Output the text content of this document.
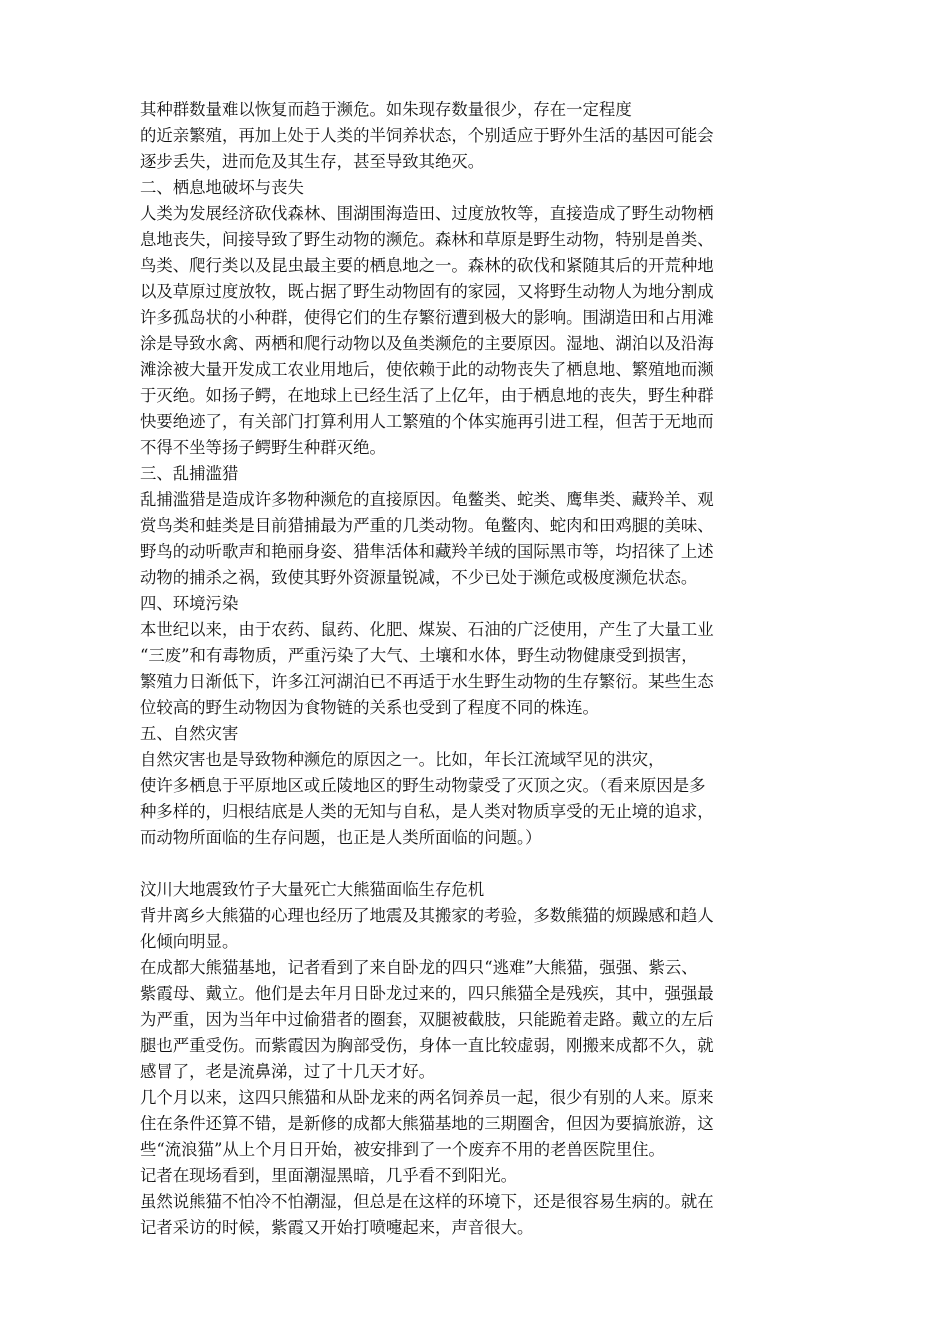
其种群数量难以恢复而趋于濒危。如朱现存数量很少，存在一定程度
的近亲繁殖，再加上处于人类的半饲养状态，个别适应于野外生活的基因可能会
逐步丢失，进而危及其生存，甚至导致其绝灭。
二、栖息地破坏与丧失
人类为发展经济砍伐森林、围湖围海造田、过度放牧等，直接造成了野生动物栖
息地丧失，间接导致了野生动物的濒危。森林和草原是野生动物，特别是兽类、
鸟类、爬行类以及昆虫最主要的栖息地之一。森林的砍伐和紧随其后的开荒种地
以及草原过度放牧，既占据了野生动物固有的家园，又将野生动物人为地分割成
许多孤岛状的小种群，使得它们的生存繁衍遭到极大的影响。围湖造田和占用滩
涂是导致水禽、两栖和爬行动物以及鱼类濒危的主要原因。湿地、湖泊以及沿海
滩涂被大量开发成工农业用地后，使依赖于此的动物丧失了栖息地、繁殖地而濒
于灭绝。如扬子鳄，在地球上已经生活了上亿年，由于栖息地的丧失，野生种群
快要绝迹了，有关部门打算利用人工繁殖的个体实施再引进工程，但苦于无地而
不得不坐等扬子鳄野生种群灭绝。
三、乱捕滥猎
乱捕滥猎是造成许多物种濒危的直接原因。龟鳖类、蛇类、鹰隼类、藏羚羊、观
赏鸟类和蛙类是目前猎捕最为严重的几类动物。龟鳖肉、蛇肉和田鸡腿的美味、
野鸟的动听歌声和艳丽身姿、猎隼活体和藏羚羊绒的国际黑市等，均招徕了上述
动物的捕杀之祸，致使其野外资源量锐减，不少已处于濒危或极度濒危状态。
四、环境污染
本世纪以来，由于农药、鼠药、化肥、煤炭、石油的广泛使用，产生了大量工业
“三废”和有毒物质，严重污染了大气、土壤和水体，野生动物健康受到损害，
繁殖力日渐低下，许多江河湖泊已不再适于水生野生动物的生存繁衍。某些生态
位较高的野生动物因为食物链的关系也受到了程度不同的株连。
五、自然灾害
自然灾害也是导致物种濒危的原因之一。比如，年长江流域罕见的洪灾，
使许多栖息于平原地区或丘陵地区的野生动物蒙受了灭顶之灾。（看来原因是多
种多样的，归根结底是人类的无知与自私，是人类对物质享受的无止境的追求，
而动物所面临的生存问题，也正是人类所面临的问题。）
汶川大地震致竹子大量死亡大熊猫面临生存危机
背井离乡大熊猫的心理也经历了地震及其搬家的考验，多数熊猫的烦躁感和趋人
化倾向明显。
在成都大熊猫基地，记者看到了来自卧龙的四只“逃难”大熊猫，强强、紫云、
紫霞母、戴立。他们是去年月日卧龙过来的，四只熊猫全是残疾，其中，强强最
为严重，因为当年中过偷猎者的圈套，双腿被截肢，只能跪着走路。戴立的左后
腿也严重受伤。而紫霞因为胸部受伤，身体一直比较虚弱，刚搬来成都不久，就
感冒了，老是流鼻涕，过了十几天才好。
几个月以来，这四只熊猫和从卧龙来的两名饲养员一起，很少有别的人来。原来
住在条件还算不错，是新修的成都大熊猫基地的三期圈舍，但因为要搞旅游，这
些“流浪猫”从上个月日开始，被安排到了一个废弃不用的老兽医院里住。
记者在现场看到，里面潮湿黑暗，几乎看不到阳光。
虽然说熊猫不怕冷不怕潮湿，但总是在这样的环境下，还是很容易生病的。就在
记者采访的时候，紫霞又开始打喷嚏起来，声音很大。
